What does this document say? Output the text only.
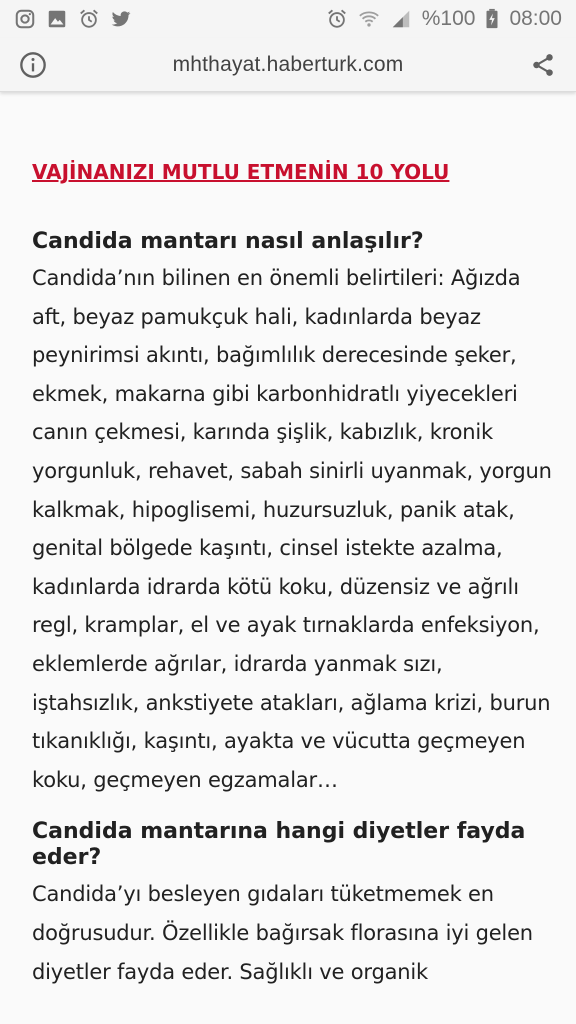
%100 08:00
mhthayat.haberturk.com
VAJİNANIZI MUTLU ETMENİN 10 YOLU
Candida mantarı nasıl anlaşılır?

Candida’nın bilinen en önemli belirtileri: Ağızda aft, beyaz pamukçuk hali, kadınlarda beyaz peynirimsi akıntı, bağımlılık derecesinde şeker, ekmek, makarna gibi karbonhidratlı yiyecekleri canın çekmesi, karında şişlik, kabızlık, kronik yorgunluk, rehavet, sabah sinirli uyanmak, yorgun kalkmak, hipoglisemi, huzursuzluk, panik atak, genital bölgede kaşıntı, cinsel istekte azalma, kadınlarda idrarda kötü koku, düzensiz ve ağrılı regl, kramplar, el ve ayak tırnaklarda enfeksiyon, eklemlerde ağrılar, idrarda yanmak sızı, iştahsızlık, ankstiyete atakları, ağlama krizi, burun tıkanıklığı, kaşıntı, ayakta ve vücutta geçmeyen koku, geçmeyen egzamalar…

Candida mantarına hangi diyetler fayda eder?

Candida’yı besleyen gıdaları tüketmemek en doğrusudur. Özellikle bağırsak florasına iyi gelen diyetler fayda eder. Sağlıklı ve organik
